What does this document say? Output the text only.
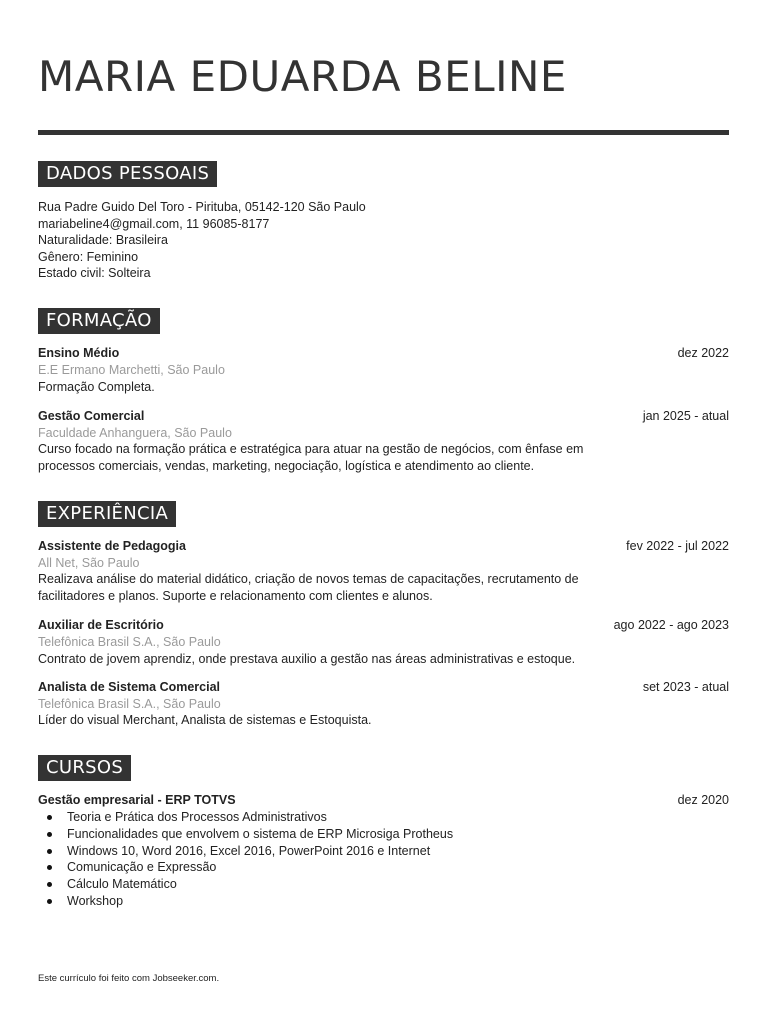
MARIA EDUARDA BELINE
DADOS PESSOAIS
Rua Padre Guido Del Toro - Pirituba, 05142-120 São Paulo
mariabeline4@gmail.com, 11 96085-8177
Naturalidade: Brasileira
Gênero: Feminino
Estado civil: Solteira
FORMAÇÃO
Ensino Médio	dez 2022
E.E Ermano Marchetti, São Paulo
Formação Completa.
Gestão Comercial	jan 2025 - atual
Faculdade Anhanguera, São Paulo
Curso focado na formação prática e estratégica para atuar na gestão de negócios, com ênfase em
processos comerciais, vendas, marketing, negociação, logística e atendimento ao cliente.
EXPERIÊNCIA
Assistente de Pedagogia	fev 2022 - jul 2022
All Net, São Paulo
Realizava análise do material didático, criação de novos temas de capacitações, recrutamento de
facilitadores e planos. Suporte e relacionamento com clientes e alunos.
Auxiliar de Escritório	ago 2022 - ago 2023
Telefônica Brasil S.A., São Paulo
Contrato de jovem aprendiz, onde prestava auxilio a gestão nas áreas administrativas e estoque.
Analista de Sistema Comercial	set 2023 - atual
Telefônica Brasil S.A., São Paulo
Líder do visual Merchant, Analista de sistemas e Estoquista.
CURSOS
Gestão empresarial - ERP TOTVS	dez 2020
Teoria e Prática dos Processos Administrativos
Funcionalidades que envolvem o sistema de ERP Microsiga Protheus
Windows 10, Word 2016, Excel 2016, PowerPoint 2016 e Internet
Comunicação e Expressão
Cálculo Matemático
Workshop
Este currículo foi feito com Jobseeker.com.
